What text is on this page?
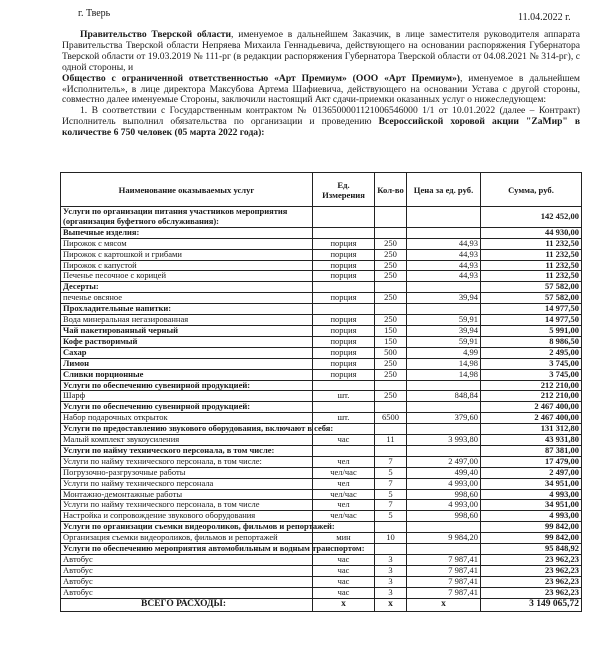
г. Тверь	11.04.2022 г.

Правительство Тверской области, именуемое в дальнейшем Заказчик, в лице заместителя руководителя аппарата Правительства Тверской области Непряева Михаила Геннадьевича, действующего на основании распоряжения Губернатора Тверской области от 19.03.2019 № 111-рг (в редакции распоряжения Губернатора Тверской области от 04.08.2021 № 314-рг), с одной стороны, и

Общество с ограниченной ответственностью «Арт Премиум» (ООО «Арт Премиум»), именуемое в дальнейшем «Исполнитель», в лице директора Максубова Артема Шафиевича, действующего на основании Устава с другой стороны, совместно далее именуемые Стороны, заключили настоящий Акт сдачи-приемки оказанных услуг о нижеследующем:

1. В соответствии с Государственным контрактом № 0136500001121006546000 1/1 от 10.01.2022 (далее – Контракт) Исполнитель выполнил обязательства по организации и проведению Всероссийской хоровой акции "ZаМир" в количестве 6 750 человек (05 марта 2022 года):

Наименование оказываемых услуг	Ед. Измерения	Кол-во	Цена за ед. руб.	Сумма, руб.
Услуги по организации питания участников мероприятия (организация буфетного обслуживания):				142 452,00
Выпечные изделия:				44 930,00
Пирожок с мясом	порция	250	44,93	11 232,50
Пирожок с картошкой и грибами	порция	250	44,93	11 232,50
Пирожок с капустой	порция	250	44,93	11 232,50
Печенье песочное с корицей	порция	250	44,93	11 232,50
Десерты:				57 582,00
печенье овсяное	порция	250	39,94	57 582,00
Прохладительные напитки:				14 977,50
Вода минеральная негазированная	порция	250	59,91	14 977,50
Чай пакетированный черный	порция	150	39,94	5 991,00
Кофе растворимый	порция	150	59,91	8 986,50
Сахар	порция	500	4,99	2 495,00
Лимон	порция	250	14,98	3 745,00
Сливки порционные	порция	250	14,98	3 745,00
Услуги по обеспечению сувенирной продукцией:				212 210,00
Шарф	шт.	250	848,84	212 210,00
Услуги по обеспечению сувенирной продукцией:				2 467 400,00
Набор подарочных открыток	шт.	6500	379,60	2 467 400,00
Услуги по предоставлению звукового оборудования, включают в себя:				131 312,80
Малый комплект звукоусиления	час	11	3 993,80	43 931,80
Услуги по найму технического персонала, в том числе:				87 381,00
Услуги по найму технического персонала, в том числе:	чел	7	2 497,00	17 479,00
Погрузочно-разгрузочные работы	чел/час	5	499,40	2 497,00
Услуги по найму технического персонала	чел	7	4 993,00	34 951,00
Монтажно-демонтажные работы	чел/час	5	998,60	4 993,00
Услуги по найму технического персонала, в том числе	чел	7	4 993,00	34 951,00
Настройка и сопровождение звукового оборудования	чел/час	5	998,60	4 993,00
Услуги по организации съемки видеороликов, фильмов и репортажей:				99 842,00
Организация съемки видеороликов, фильмов и репортажей	мин	10	9 984,20	99 842,00
Услуги по обеспечению мероприятия автомобильным и водным транспортом:				95 848,92
Автобус	час	3	7 987,41	23 962,23
Автобус	час	3	7 987,41	23 962,23
Автобус	час	3	7 987,41	23 962,23
Автобус	час	3	7 987,41	23 962,23
ВСЕГО РАСХОДЫ:	х	х	х	3 149 065,72
